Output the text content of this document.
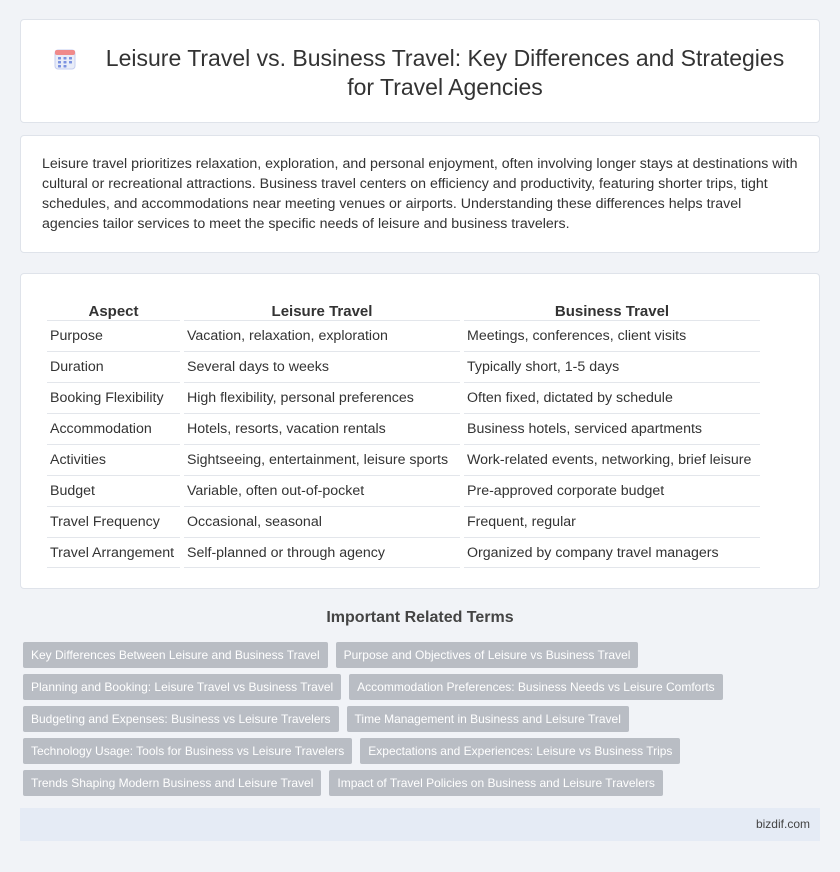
Leisure Travel vs. Business Travel: Key Differences and Strategies for Travel Agencies

Leisure travel prioritizes relaxation, exploration, and personal enjoyment, often involving longer stays at destinations with cultural or recreational attractions. Business travel centers on efficiency and productivity, featuring shorter trips, tight schedules, and accommodations near meeting venues or airports. Understanding these differences helps travel agencies tailor services to meet the specific needs of leisure and business travelers.

Aspect	Leisure Travel	Business Travel
Purpose	Vacation, relaxation, exploration	Meetings, conferences, client visits
Duration	Several days to weeks	Typically short, 1-5 days
Booking Flexibility	High flexibility, personal preferences	Often fixed, dictated by schedule
Accommodation	Hotels, resorts, vacation rentals	Business hotels, serviced apartments
Activities	Sightseeing, entertainment, leisure sports	Work-related events, networking, brief leisure
Budget	Variable, often out-of-pocket	Pre-approved corporate budget
Travel Frequency	Occasional, seasonal	Frequent, regular
Travel Arrangement	Self-planned or through agency	Organized by company travel managers
Important Related Terms
Key Differences Between Leisure and Business Travel	Purpose and Objectives of Leisure vs Business Travel
Planning and Booking: Leisure Travel vs Business Travel	Accommodation Preferences: Business Needs vs Leisure Comforts
Budgeting and Expenses: Business vs Leisure Travelers	Time Management in Business and Leisure Travel
Technology Usage: Tools for Business vs Leisure Travelers	Expectations and Experiences: Leisure vs Business Trips
Trends Shaping Modern Business and Leisure Travel	Impact of Travel Policies on Business and Leisure Travelers
bizdif.com
